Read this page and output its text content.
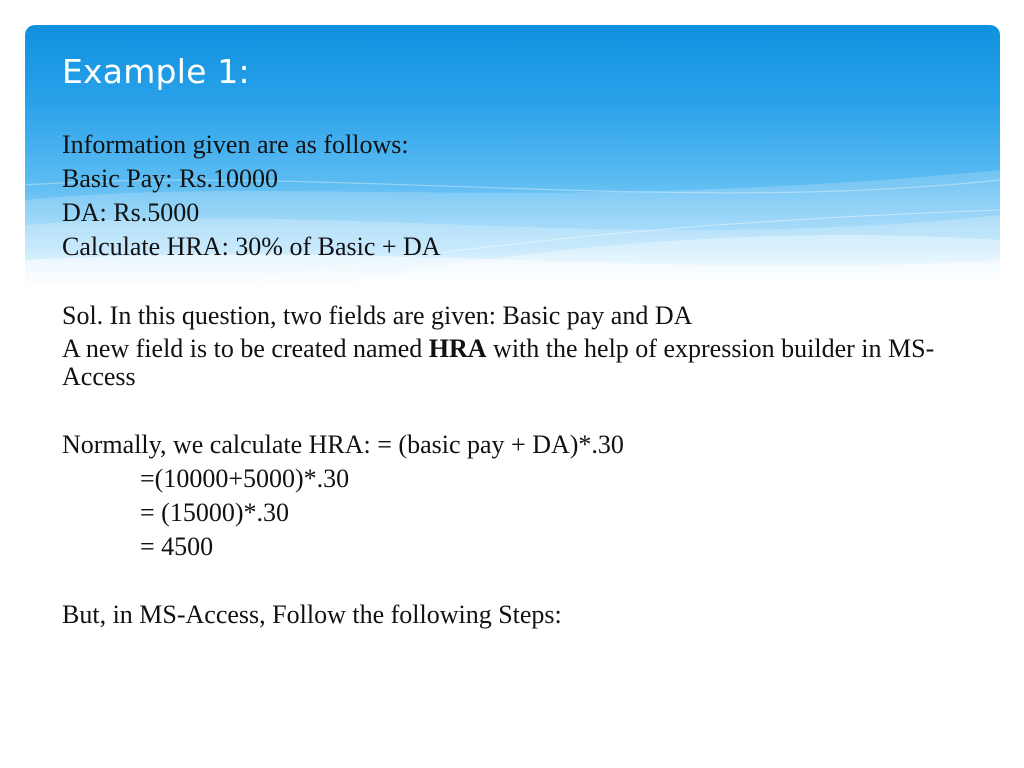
Example 1:
Information given are as follows:
Basic Pay: Rs.10000
DA: Rs.5000
Calculate HRA: 30% of Basic + DA
Sol. In this question, two fields are given: Basic pay and DA
A new field is to be created named HRA with the help of expression builder in MS-Access
Normally, we calculate HRA: = (basic pay + DA)*.30
=(10000+5000)*.30
= (15000)*.30
= 4500
But, in MS-Access, Follow the following Steps:
